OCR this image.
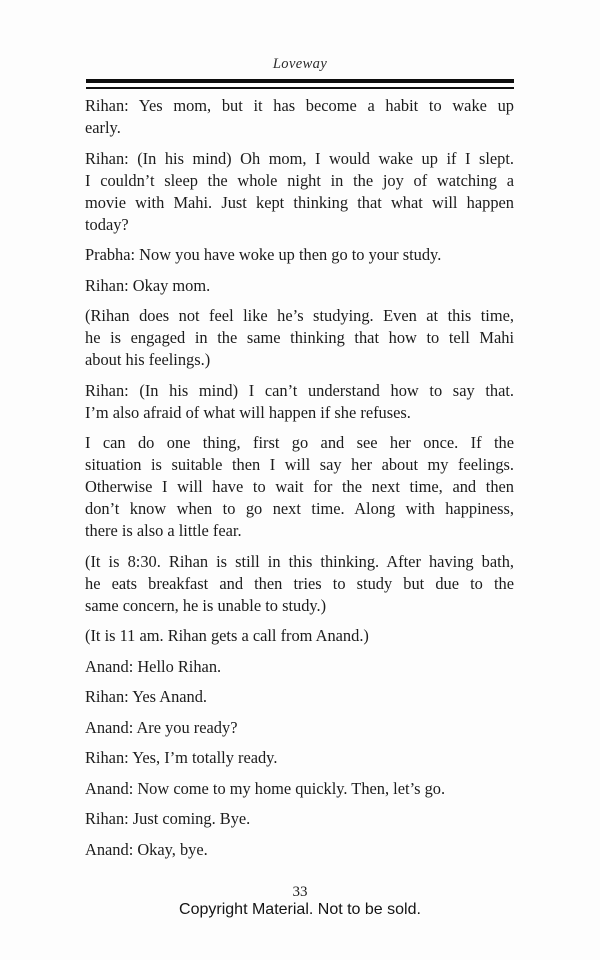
Loveway
Rihan: Yes mom, but it has become a habit to wake up
early.
Rihan: (In his mind) Oh mom, I would wake up if I slept.
I couldn’t sleep the whole night in the joy of watching a
movie with Mahi. Just kept thinking that what will happen
today?
Prabha: Now you have woke up then go to your study.
Rihan: Okay mom.
(Rihan does not feel like he’s studying. Even at this time,
he is engaged in the same thinking that how to tell Mahi
about his feelings.)
Rihan: (In his mind) I can’t understand how to say that.
I’m also afraid of what will happen if she refuses.
I can do one thing, first go and see her once. If the
situation is suitable then I will say her about my feelings.
Otherwise I will have to wait for the next time, and then
don’t know when to go next time. Along with happiness,
there is also a little fear.
(It is 8:30. Rihan is still in this thinking. After having bath,
he eats breakfast and then tries to study but due to the
same concern, he is unable to study.)
(It is 11 am. Rihan gets a call from Anand.)
Anand: Hello Rihan.
Rihan: Yes Anand.
Anand: Are you ready?
Rihan: Yes, I’m totally ready.
Anand: Now come to my home quickly. Then, let’s go.
Rihan: Just coming. Bye.
Anand: Okay, bye.
33
Copyright Material. Not to be sold.
